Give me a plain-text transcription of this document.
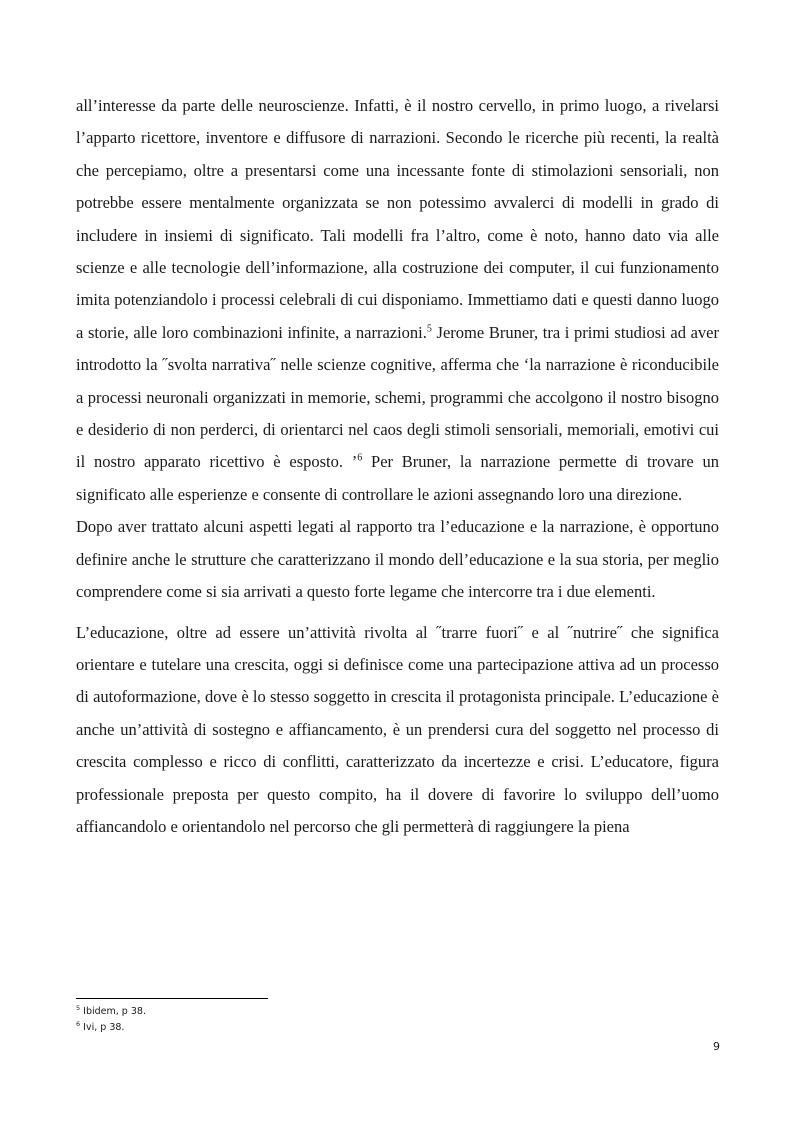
all’interesse da parte delle neuroscienze. Infatti, è il nostro cervello, in primo luogo, a rivelarsi l’apparto ricettore, inventore e diffusore di narrazioni. Secondo le ricerche più recenti, la realtà che percepiamo, oltre a presentarsi come una incessante fonte di stimolazioni sensoriali, non potrebbe essere mentalmente organizzata se non potessimo avvalerci di modelli in grado di includere in insiemi di significato. Tali modelli fra l’altro, come è noto, hanno dato via alle scienze e alle tecnologie dell’informazione, alla costruzione dei computer, il cui funzionamento imita potenziandolo i processi celebrali di cui disponiamo. Immettiamo dati e questi danno luogo a storie, alle loro combinazioni infinite, a narrazioni.$^5$ Jerome Bruner, tra i primi studiosi ad aver introdotto la ˝svolta narrativa˝ nelle scienze cognitive, afferma che ‘la narrazione è riconducibile a processi neuronali organizzati in memorie, schemi, programmi che accolgono il nostro bisogno e desiderio di non perderci, di orientarci nel caos degli stimoli sensoriali, memoriali, emotivi cui il nostro apparato ricettivo è esposto. ’$^6$ Per Bruner, la narrazione permette di trovare un significato alle esperienze e consente di controllare le azioni assegnando loro una direzione.

Dopo aver trattato alcuni aspetti legati al rapporto tra l’educazione e la narrazione, è opportuno definire anche le strutture che caratterizzano il mondo dell’educazione e la sua storia, per meglio comprendere come si sia arrivati a questo forte legame che intercorre tra i due elementi.

L’educazione, oltre ad essere un’attività rivolta al ˝trarre fuori˝ e al ˝nutrire˝ che significa orientare e tutelare una crescita, oggi si definisce come una partecipazione attiva ad un processo di autoformazione, dove è lo stesso soggetto in crescita il protagonista principale. L’educazione è anche un’attività di sostegno e affiancamento, è un prendersi cura del soggetto nel processo di crescita complesso e ricco di conflitti, caratterizzato da incertezze e crisi. L’educatore, figura professionale preposta per questo compito, ha il dovere di favorire lo sviluppo dell’uomo affiancandolo e orientandolo nel percorso che gli permetterà di raggiungere la piena

$^5$ Ibidem, p 38.
$^6$ Ivi, p 38.
9
